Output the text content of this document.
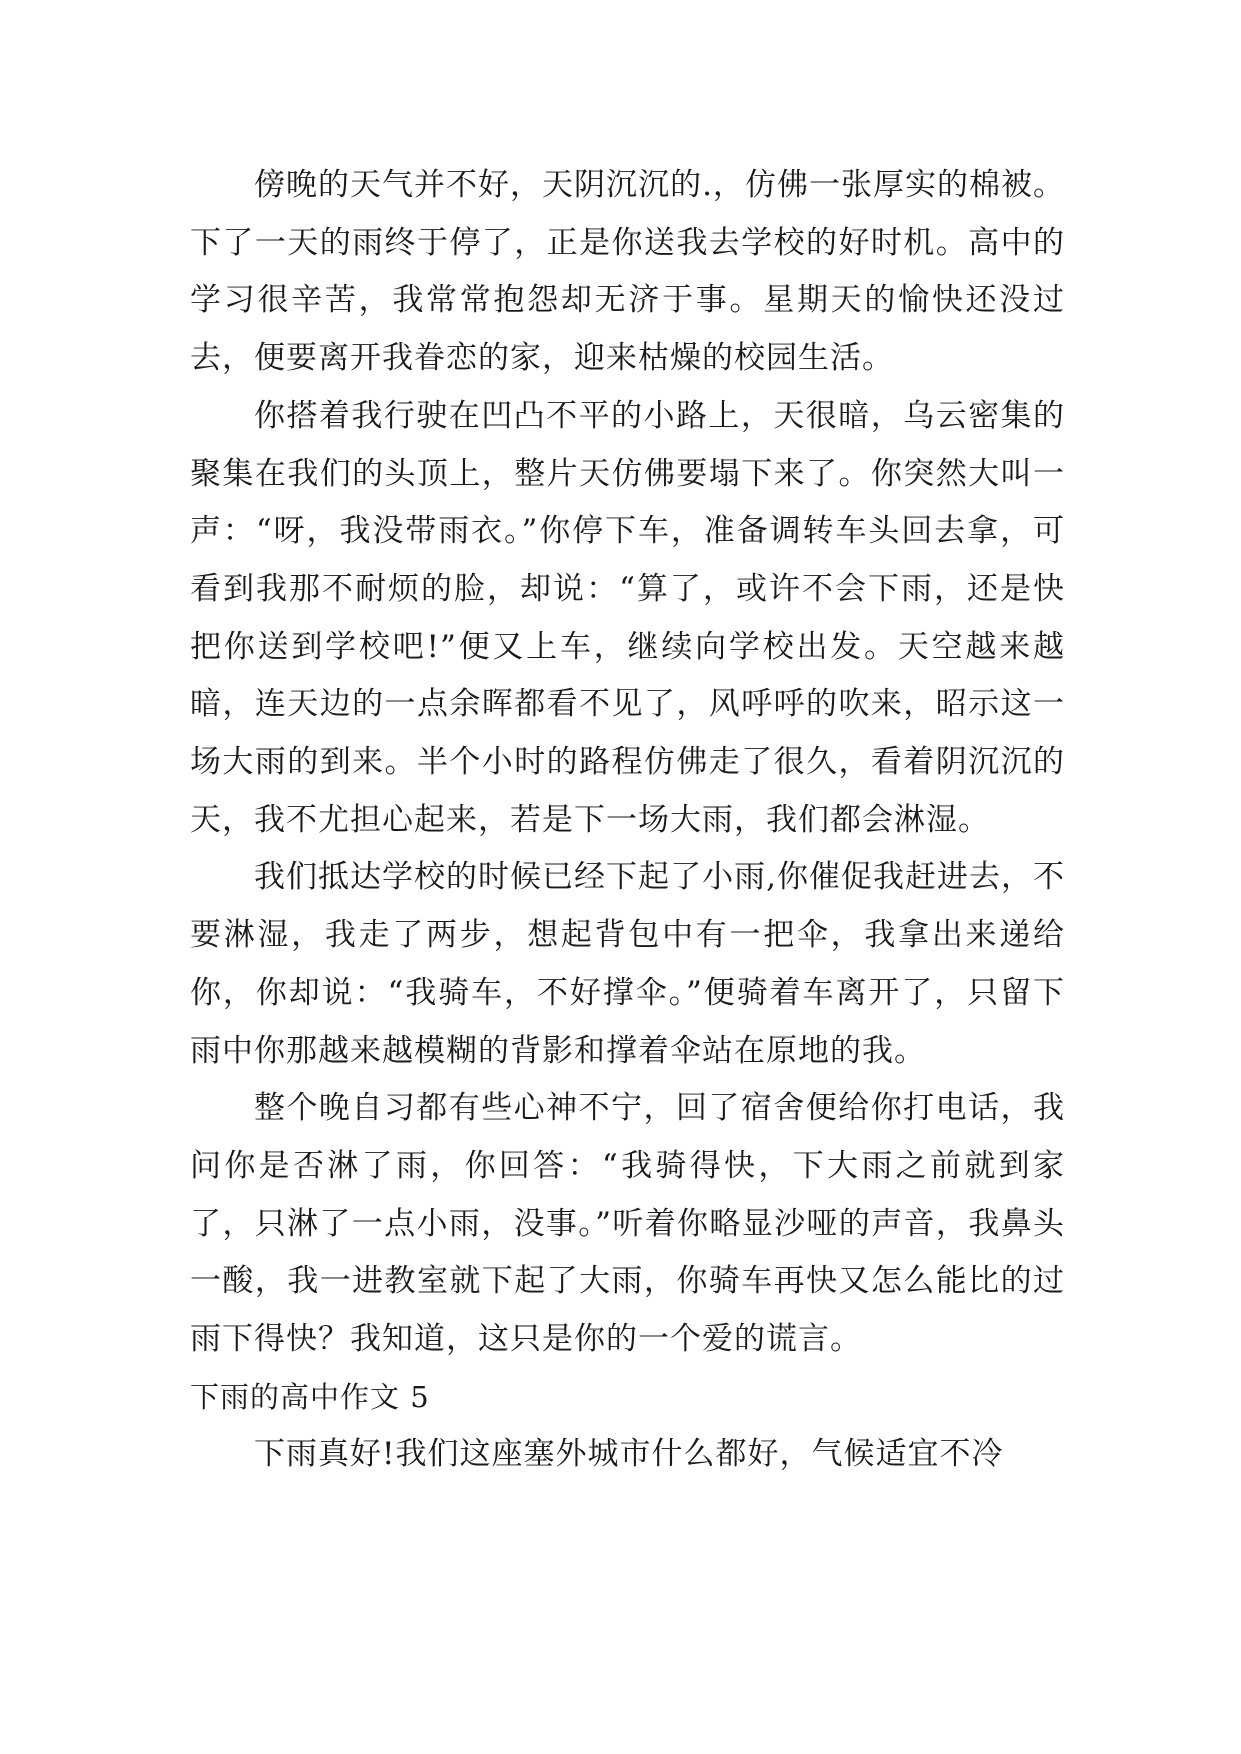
傍晚的天气并不好，天阴沉沉的.，仿佛一张厚实的棉被。下了一天的雨终于停了，正是你送我去学校的好时机。高中的学习很辛苦，我常常抱怨却无济于事。星期天的愉快还没过去，便要离开我眷恋的家，迎来枯燥的校园生活。

你搭着我行驶在凹凸不平的小路上，天很暗，乌云密集的聚集在我们的头顶上，整片天仿佛要塌下来了。你突然大叫一声：“呀，我没带雨衣。”你停下车，准备调转车头回去拿，可看到我那不耐烦的脸，却说：“算了，或许不会下雨，还是快把你送到学校吧!”便又上车，继续向学校出发。天空越来越暗，连天边的一点余晖都看不见了，风呼呼的吹来，昭示这一场大雨的到来。半个小时的路程仿佛走了很久，看着阴沉沉的天，我不尤担心起来，若是下一场大雨，我们都会淋湿。

我们抵达学校的时候已经下起了小雨,你催促我赶进去，不要淋湿，我走了两步，想起背包中有一把伞，我拿出来递给你，你却说：“我骑车，不好撑伞。”便骑着车离开了，只留下雨中你那越来越模糊的背影和撑着伞站在原地的我。

整个晚自习都有些心神不宁，回了宿舍便给你打电话，我问你是否淋了雨，你回答：“我骑得快，下大雨之前就到家了，只淋了一点小雨，没事。”听着你略显沙哑的声音，我鼻头一酸，我一进教室就下起了大雨，你骑车再快又怎么能比的过雨下得快？我知道，这只是你的一个爱的谎言。

下雨的高中作文 5

下雨真好!我们这座塞外城市什么都好，气候适宜不冷
